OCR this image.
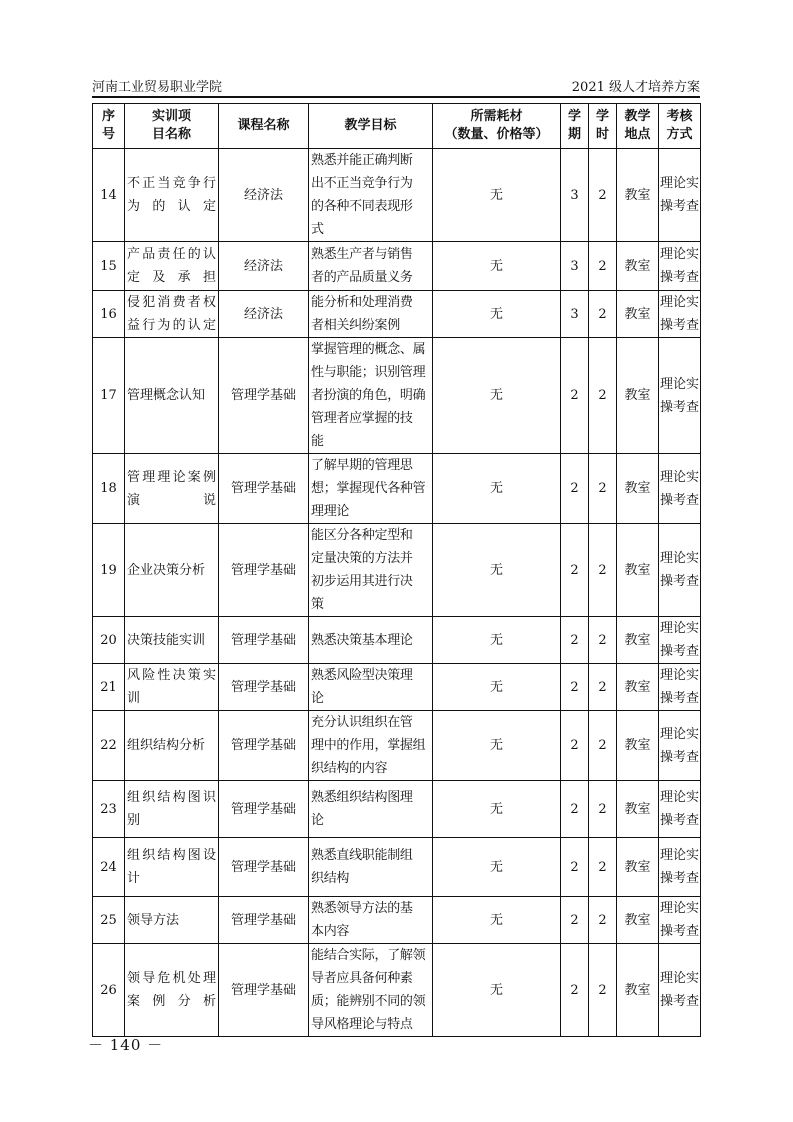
河南工业贸易职业学院	2021 级人才培养方案
序
号	实训项
目名称	课程名称	教学目标	所需耗材
（数量、价格等）	学
期	学
时	教学
地点	考核
方式
14	不正当竞争行
为的认定	经济法	熟悉并能正确判断
出不正当竞争行为
的各种不同表现形
式	无	3	2	教室	理论实
操考查
15	产品责任的认
定及承担	经济法	熟悉生产者与销售
者的产品质量义务	无	3	2	教室	理论实
操考查
16	侵犯消费者权
益行为的认定	经济法	能分析和处理消费
者相关纠纷案例	无	3	2	教室	理论实
操考查
17	管理概念认知	管理学基础	掌握管理的概念、属
性与职能；识别管理
者扮演的角色，明确
管理者应掌握的技
能	无	2	2	教室	理论实
操考查
18	管理理论案例
演说	管理学基础	了解早期的管理思
想；掌握现代各种管
理理论	无	2	2	教室	理论实
操考查
19	企业决策分析	管理学基础	能区分各种定型和
定量决策的方法并
初步运用其进行决
策	无	2	2	教室	理论实
操考查
20	决策技能实训	管理学基础	熟悉决策基本理论	无	2	2	教室	理论实
操考查
21	风险性决策实
训	管理学基础	熟悉风险型决策理
论	无	2	2	教室	理论实
操考查
22	组织结构分析	管理学基础	充分认识组织在管
理中的作用，掌握组
织结构的内容	无	2	2	教室	理论实
操考查
23	组织结构图识
别	管理学基础	熟悉组织结构图理
论	无	2	2	教室	理论实
操考查
24	组织结构图设
计	管理学基础	熟悉直线职能制组
织结构	无	2	2	教室	理论实
操考查
25	领导方法	管理学基础	熟悉领导方法的基
本内容	无	2	2	教室	理论实
操考查
26	领导危机处理
案例分析	管理学基础	能结合实际，了解领
导者应具备何种素
质；能辨别不同的领
导风格理论与特点	无	2	2	教室	理论实
操考查
－ 140 －
